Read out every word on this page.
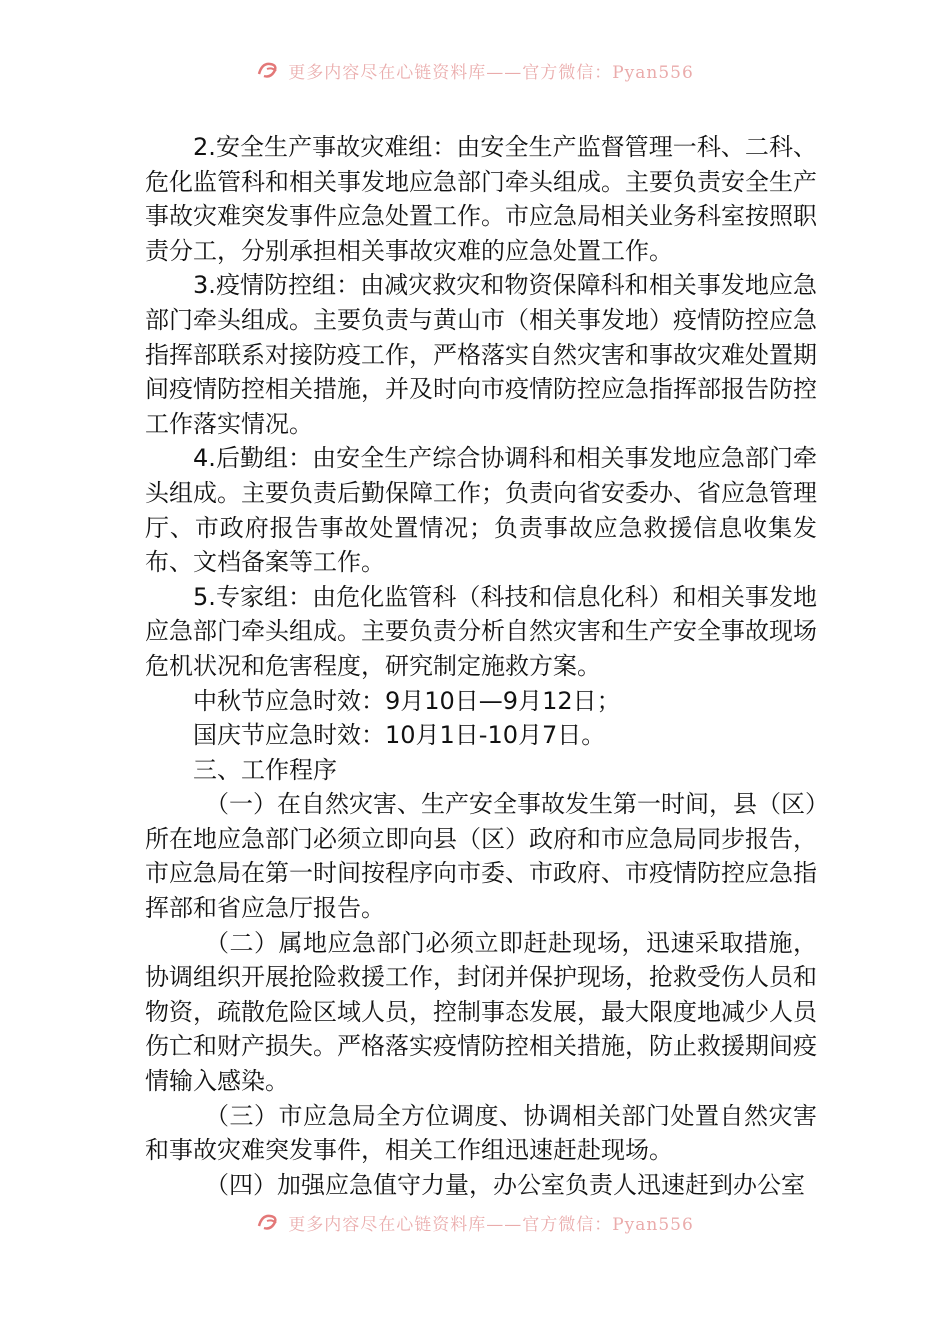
更多内容尽在心链资料库——官方微信：Pyan556

2.安全生产事故灾难组：由安全生产监督管理一科、二科、危化监管科和相关事发地应急部门牵头组成。主要负责安全生产事故灾难突发事件应急处置工作。市应急局相关业务科室按照职责分工，分别承担相关事故灾难的应急处置工作。

3.疫情防控组：由减灾救灾和物资保障科和相关事发地应急部门牵头组成。主要负责与黄山市（相关事发地）疫情防控应急指挥部联系对接防疫工作，严格落实自然灾害和事故灾难处置期间疫情防控相关措施，并及时向市疫情防控应急指挥部报告防控工作落实情况。

4.后勤组：由安全生产综合协调科和相关事发地应急部门牵头组成。主要负责后勤保障工作；负责向省安委办、省应急管理厅、市政府报告事故处置情况；负责事故应急救援信息收集发布、文档备案等工作。

5.专家组：由危化监管科（科技和信息化科）和相关事发地应急部门牵头组成。主要负责分析自然灾害和生产安全事故现场危机状况和危害程度，研究制定施救方案。

中秋节应急时效：9月10日—9月12日；

国庆节应急时效：10月1日-10月7日。

三、工作程序

（一）在自然灾害、生产安全事故发生第一时间，县（区）所在地应急部门必须立即向县（区）政府和市应急局同步报告，市应急局在第一时间按程序向市委、市政府、市疫情防控应急指挥部和省应急厅报告。

（二）属地应急部门必须立即赶赴现场，迅速采取措施，协调组织开展抢险救援工作，封闭并保护现场，抢救受伤人员和物资，疏散危险区域人员，控制事态发展，最大限度地减少人员伤亡和财产损失。严格落实疫情防控相关措施，防止救援期间疫情输入感染。

（三）市应急局全方位调度、协调相关部门处置自然灾害和事故灾难突发事件，相关工作组迅速赶赴现场。

（四）加强应急值守力量，办公室负责人迅速赶到办公室

更多内容尽在心链资料库——官方微信：Pyan556
